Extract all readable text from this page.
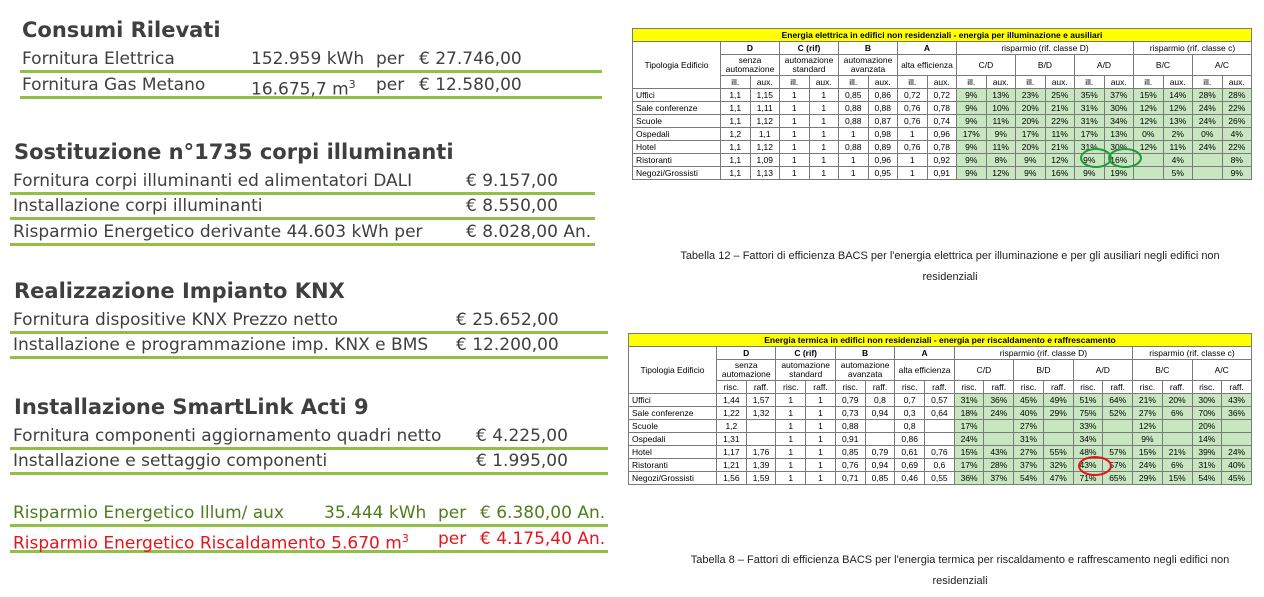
Consumi Rilevati
Fornitura Elettrica	152.959 kWh per € 27.746,00
Fornitura Gas Metano	16.675,7 $m^3$ per € 12.580,00
Sostituzione n°1735 corpi illuminanti
Fornitura corpi illuminanti ed alimentatori DALI	€ 9.157,00
Installazione corpi illuminanti	€ 8.550,00
Risparmio Energetico derivante 44.603 kWh per	€ 8.028,00 An.
Realizzazione Impianto KNX
Fornitura dispositive KNX Prezzo netto	€ 25.652,00
Installazione e programmazione imp. KNX e BMS € 12.200,00
Installazione SmartLink Acti 9
Fornitura componenti aggiornamento quadri netto € 4.225,00
Installazione e settaggio componenti	€ 1.995,00
Risparmio Energetico Illum/ aux 35.444 kWh per € 6.380,00 An.
Risparmio Energetico Riscaldamento 5.670 $m^3$ per € 4.175,40 An.
Energia elettrica in edifici non residenziali - energia per illuminazione e ausiliari																		
Tipologia Edificio	D		C (rif)		B		A		risparmio (rif. classe D)						risparmio (rif. classe c)			
	senza automazione		automazione standard		automazione avanzata		alta efficienza		C/D		B/D		A/D		B/C		A/C	
	ill.	aux.	ill.	aux.	ill.	aux.	ill.	aux.	ill.	aux.	ill.	aux.	ill.	aux.	ill.	aux.	ill.	aux.
Uffici	1,1	1,15	1	1	0,85	0,86	0,72	0,72	9%	13%	23%	25%	35%	37%	15%	14%	28%	28%
Sale conferenze	1,1	1,11	1	1	0,88	0,88	0,76	0,78	9%	10%	20%	21%	31%	30%	12%	12%	24%	22%
Scuole	1,1	1,12	1	1	0,88	0,87	0,76	0,74	9%	11%	20%	22%	31%	34%	12%	13%	24%	26%
Ospedali	1,2	1,1	1	1	1	0,98	1	0,96	17%	9%	17%	11%	17%	13%	0%	2%	0%	4%
Hotel	1,1	1,12	1	1	0,88	0,89	0,76	0,78	9%	11%	20%	21%	31%	30%	12%	11%	24%	22%
Ristoranti	1,1	1,09	1	1	1	0,96	1	0,92	9%	8%	9%	12%	9%	16%		4%		8%
Negozi/Grossisti	1,1	1,13	1	1	1	0,95	1	0,91	9%	12%	9%	16%	9%	19%		5%		9%
Tabella 12 – Fattori di efficienza BACS per l'energia elettrica per illuminazione e per gli ausiliari negli edifici non residenziali
Energia termica in edifici non residenziali - energia per riscaldamento e raffrescamento																		
Tipologia Edificio	D		C (rif)		B		A		risparmio (rif. classe D)						risparmio (rif. classe c)			
	senza automazione		automazione standard		automazione avanzata		alta efficienza		C/D		B/D		A/D		B/C		A/C	
	risc.	raff.	risc.	raff.	risc.	raff.	risc.	raff.	risc.	raff.	risc.	raff.	risc.	raff.	risc.	raff.	risc.	raff.
Uffici	1,44	1,57	1	1	0,79	0,8	0,7	0,57	31%	36%	45%	49%	51%	64%	21%	20%	30%	43%
Sale conferenze	1,22	1,32	1	1	0,73	0,94	0,3	0,64	18%	24%	40%	29%	75%	52%	27%	6%	70%	36%
Scuole	1,2		1	1	0,88		0,8		17%		27%		33%		12%		20%	
Ospedali	1,31		1	1	0,91		0,86		24%		31%		34%		9%		14%	
Hotel	1,17	1,76	1	1	0,85	0,79	0,61	0,76	15%	43%	27%	55%	48%	57%	15%	21%	39%	24%
Ristoranti	1,21	1,39	1	1	0,76	0,94	0,69	0,6	17%	28%	37%	32%	43%	57%	24%	6%	31%	40%
Negozi/Grossisti	1,56	1,59	1	1	0,71	0,85	0,46	0,55	36%	37%	54%	47%	71%	65%	29%	15%	54%	45%
Tabella 8 – Fattori di efficienza BACS per l'energia termica per riscaldamento e raffrescamento negli edifici non residenziali
